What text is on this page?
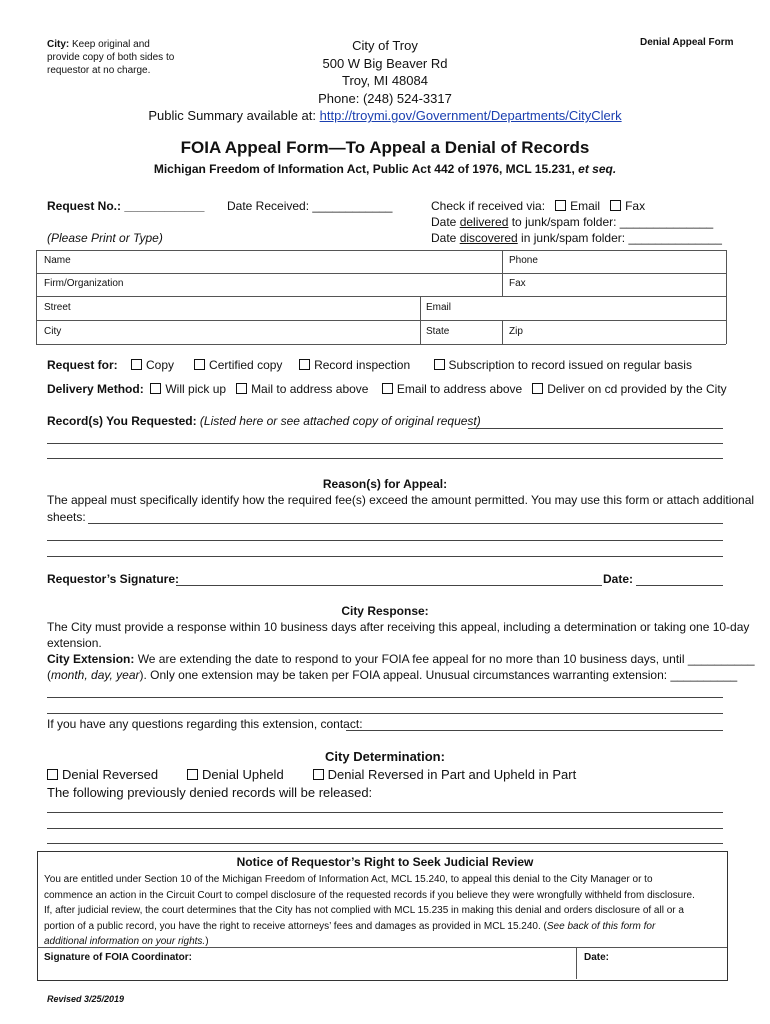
City: Keep original and
provide copy of both sides to
requestor at no charge.
Denial Appeal Form
City of Troy
500 W Big Beaver Rd
Troy, MI 48084
Phone: (248) 524-3317
Public Summary available at: http://troymi.gov/Government/Departments/CityClerk
FOIA Appeal Form—To Appeal a Denial of Records
Michigan Freedom of Information Act, Public Act 442 of 1976, MCL 15.231, et seq.
Request No.: ____________ Date Received: ____________	Check if received via: Email Fax
Date delivered to junk/spam folder: ______________
Date discovered in junk/spam folder: ______________
(Please Print or Type)
Name	Phone
Firm/Organization	Fax
Street	Email
City	State	Zip
Request for: Copy	Certified copy	Record inspection	Subscription to record issued on regular basis
Delivery Method: Will pick up Mail to address above Email to address above Deliver on cd provided by the City
Record(s) You Requested: (Listed here or see attached copy of original request)
Reason(s) for Appeal:
The appeal must specifically identify how the required fee(s) exceed the amount permitted. You may use this form or attach additional
sheets:
Requestor’s Signature:	Date:
City Response:
The City must provide a response within 10 business days after receiving this appeal, including a determination or taking one 10-day
extension.
City Extension: We are extending the date to respond to your FOIA fee appeal for no more than 10 business days, until __________
(month, day, year). Only one extension may be taken per FOIA appeal. Unusual circumstances warranting extension: __________
If you have any questions regarding this extension, contact:
City Determination:
Denial Reversed	Denial Upheld	Denial Reversed in Part and Upheld in Part
The following previously denied records will be released:
Notice of Requestor’s Right to Seek Judicial Review
You are entitled under Section 10 of the Michigan Freedom of Information Act, MCL 15.240, to appeal this denial to the City Manager or to
commence an action in the Circuit Court to compel disclosure of the requested records if you believe they were wrongfully withheld from disclosure.
If, after judicial review, the court determines that the City has not complied with MCL 15.235 in making this denial and orders disclosure of all or a
portion of a public record, you have the right to receive attorneys’ fees and damages as provided in MCL 15.240. (See back of this form for
additional information on your rights.)
Signature of FOIA Coordinator:	Date:
Revised 3/25/2019
